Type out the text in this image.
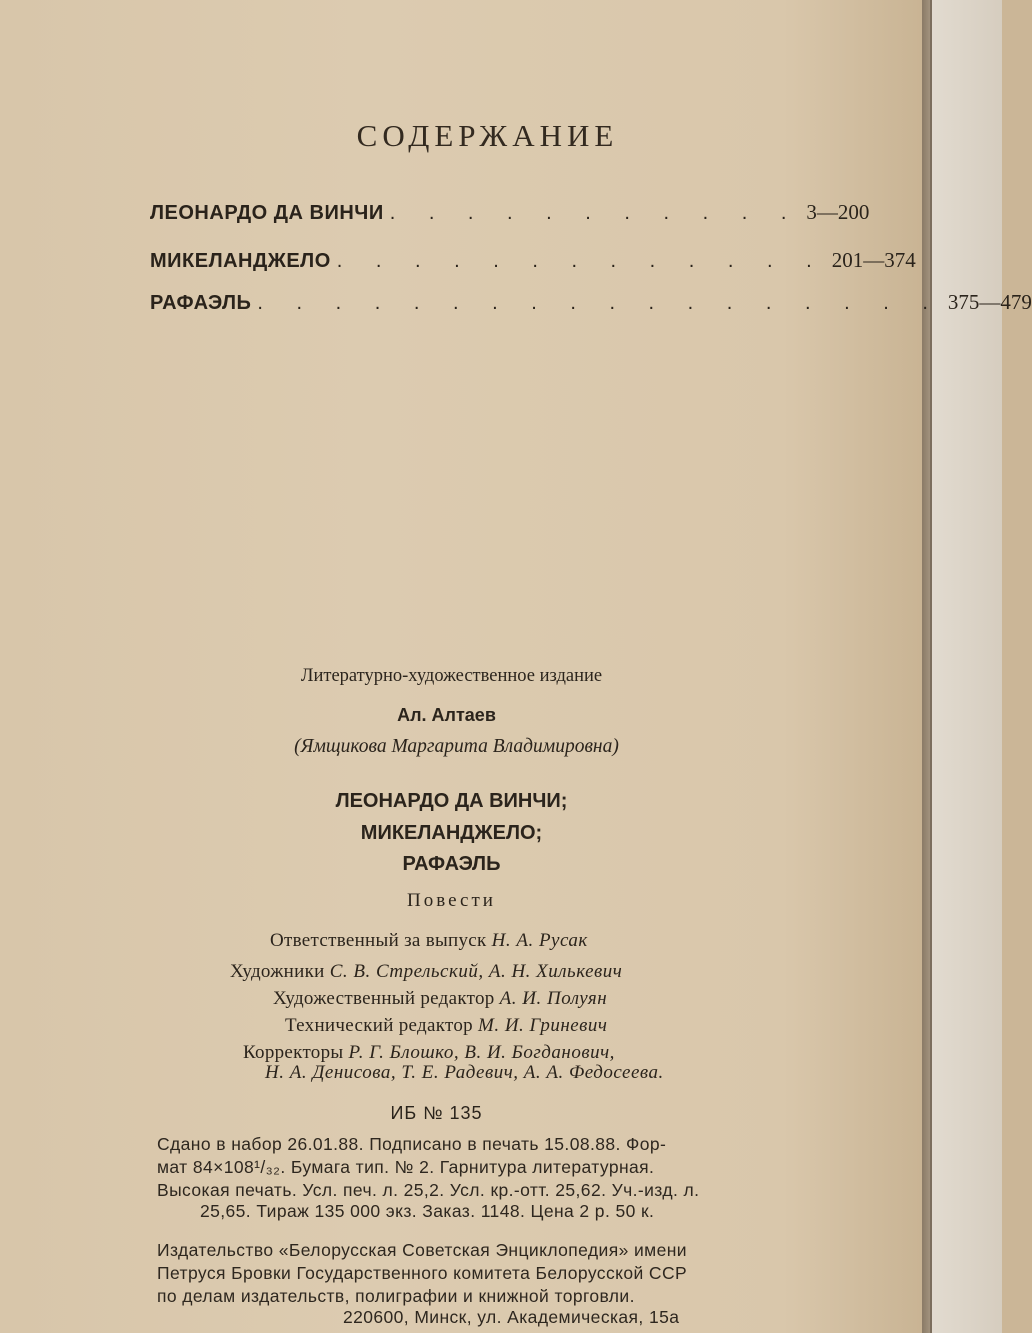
СОДЕРЖАНИЕ
ЛЕОНАРДО ДА ВИНЧИ . . . . . . . . . . . 3—200
МИКЕЛАНДЖЕЛО . . . . . . . . . . . . . 201—374
РАФАЭЛЬ . . . . . . . . . . . . . . . . . . 375—479
Литературно-художественное издание
Ал. Алтаев
(Ямщикова Маргарита Владимировна)
ЛЕОНАРДО ДА ВИНЧИ;
МИКЕЛАНДЖЕЛО;
РАФАЭЛЬ
Повести
Ответственный за выпуск Н. А. Русак
Художники С. В. Стрельский, А. Н. Хилькевич
Художественный редактор А. И. Полуян
Технический редактор М. И. Гриневич
Корректоры Р. Г. Блошко, В. И. Богданович,
Н. А. Денисова, Т. Е. Радевич, А. А. Федосеева.
ИБ № 135
Сдано в набор 26.01.88. Подписано в печать 15.08.88. Фор-
мат 84×108¹/₃₂. Бумага тип. № 2. Гарнитура литературная.
Высокая печать. Усл. печ. л. 25,2. Усл. кр.-отт. 25,62. Уч.-изд. л.
25,65. Тираж 135 000 экз. Заказ. 1148. Цена 2 р. 50 к.
Издательство «Белорусская Советская Энциклопедия» имени
Петруся Бровки Государственного комитета Белорусской ССР
по делам издательств, полиграфии и книжной торговли.
220600, Минск, ул. Академическая, 15а
